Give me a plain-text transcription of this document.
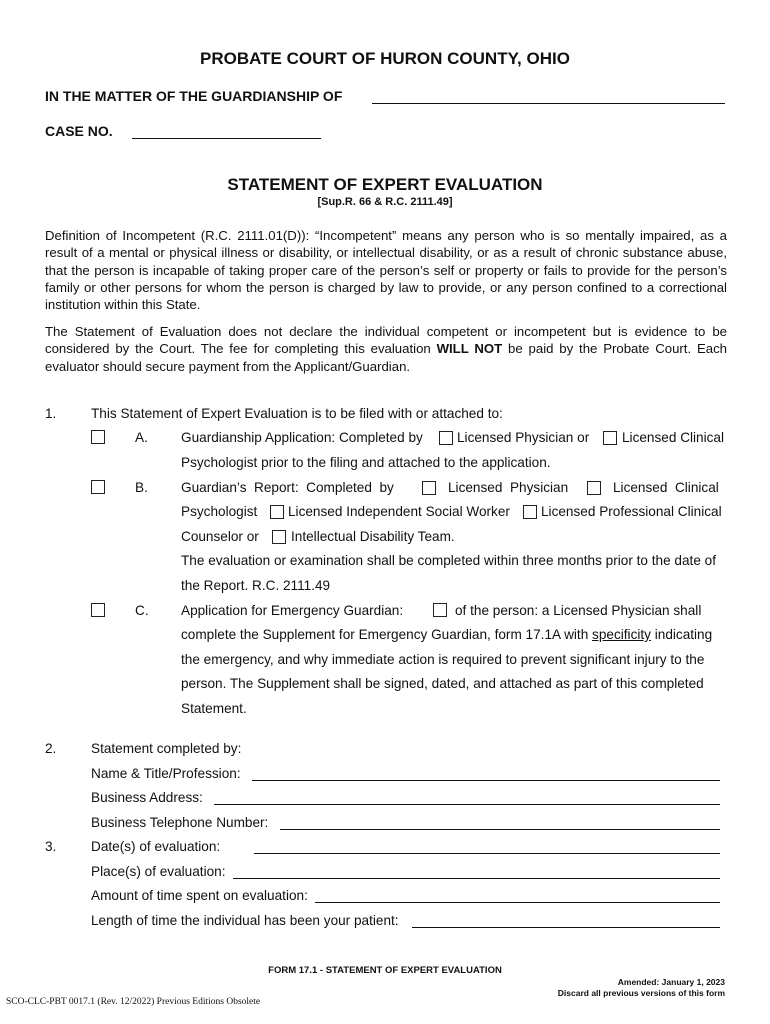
PROBATE COURT OF HURON COUNTY, OHIO
IN THE MATTER OF THE GUARDIANSHIP OF
CASE NO.
STATEMENT OF EXPERT EVALUATION
[Sup.R. 66 & R.C. 2111.49]
Definition of Incompetent (R.C. 2111.01(D)): “Incompetent” means any person who is so mentally impaired, as a result of a mental or physical illness or disability, or intellectual disability, or as a result of chronic substance abuse, that the person is incapable of taking proper care of the person’s self or property or fails to provide for the person’s family or other persons for whom the person is charged by law to provide, or any person confined to a correctional institution within this State.
The Statement of Evaluation does not declare the individual competent or incompetent but is evidence to be considered by the Court. The fee for completing this evaluation WILL NOT be paid by the Probate Court. Each evaluator should secure payment from the Applicant/Guardian.
1.	This Statement of Expert Evaluation is to be filed with or attached to:
A. Guardianship Application: Completed by	Licensed Physician or Licensed Clinical
Psychologist prior to the filing and attached to the application.
B. Guardian’s  Report:  Completed  by	Licensed  Physician	Licensed  Clinical
Psychologist Licensed Independent Social Worker Licensed Professional Clinical
Counselor or Intellectual Disability Team.
The evaluation or examination shall be completed within three months prior to the date of
the Report. R.C. 2111.49
C. Application for Emergency Guardian:	of the person: a Licensed Physician shall
complete the Supplement for Emergency Guardian, form 17.1A with specificity indicating
the emergency, and why immediate action is required to prevent significant injury to the
person. The Supplement shall be signed, dated, and attached as part of this completed
Statement.
2.	Statement completed by:
Name & Title/Profession:
Business Address:
Business Telephone Number:
3.	Date(s) of evaluation:
Place(s) of evaluation:
Amount of time spent on evaluation:
Length of time the individual has been your patient:
FORM 17.1 - STATEMENT OF EXPERT EVALUATION
Amended: January 1, 2023
Discard all previous versions of this form
SCO-CLC-PBT 0017.1 (Rev. 12/2022) Previous Editions Obsolete
